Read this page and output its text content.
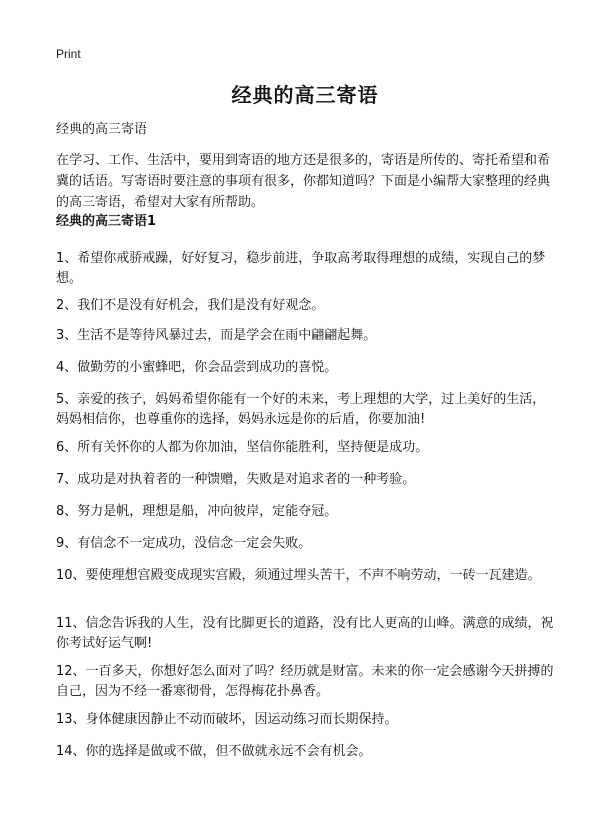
Print
经典的高三寄语
经典的高三寄语

在学习、工作、生活中，要用到寄语的地方还是很多的，寄语是所传的、寄托希望和希冀的话语。写寄语时要注意的事项有很多，你都知道吗？下面是小编帮大家整理的经典的高三寄语，希望对大家有所帮助。

经典的高三寄语1

1、希望你戒骄戒躁，好好复习，稳步前进，争取高考取得理想的成绩，实现自己的梦想。

2、我们不是没有好机会，我们是没有好观念。

3、生活不是等待风暴过去，而是学会在雨中翩翩起舞。

4、做勤劳的小蜜蜂吧，你会品尝到成功的喜悦。

5、亲爱的孩子，妈妈希望你能有一个好的未来，考上理想的大学，过上美好的生活，妈妈相信你，也尊重你的选择，妈妈永远是你的后盾，你要加油!

6、所有关怀你的人都为你加油，坚信你能胜利，坚持便是成功。

7、成功是对执着者的一种馈赠，失败是对追求者的一种考验。

8、努力是帆，理想是船，冲向彼岸，定能夺冠。

9、有信念不一定成功，没信念一定会失败。

10、要使理想宫殿变成现实宫殿，须通过埋头苦干，不声不响劳动，一砖一瓦建造。

11、信念告诉我的人生，没有比脚更长的道路，没有比人更高的山峰。满意的成绩，祝你考试好运气啊!

12、一百多天，你想好怎么面对了吗？经历就是财富。未来的你一定会感谢今天拼搏的自己，因为不经一番寒彻骨，怎得梅花扑鼻香。

13、身体健康因静止不动而破坏，因运动练习而长期保持。

14、你的选择是做或不做，但不做就永远不会有机会。
